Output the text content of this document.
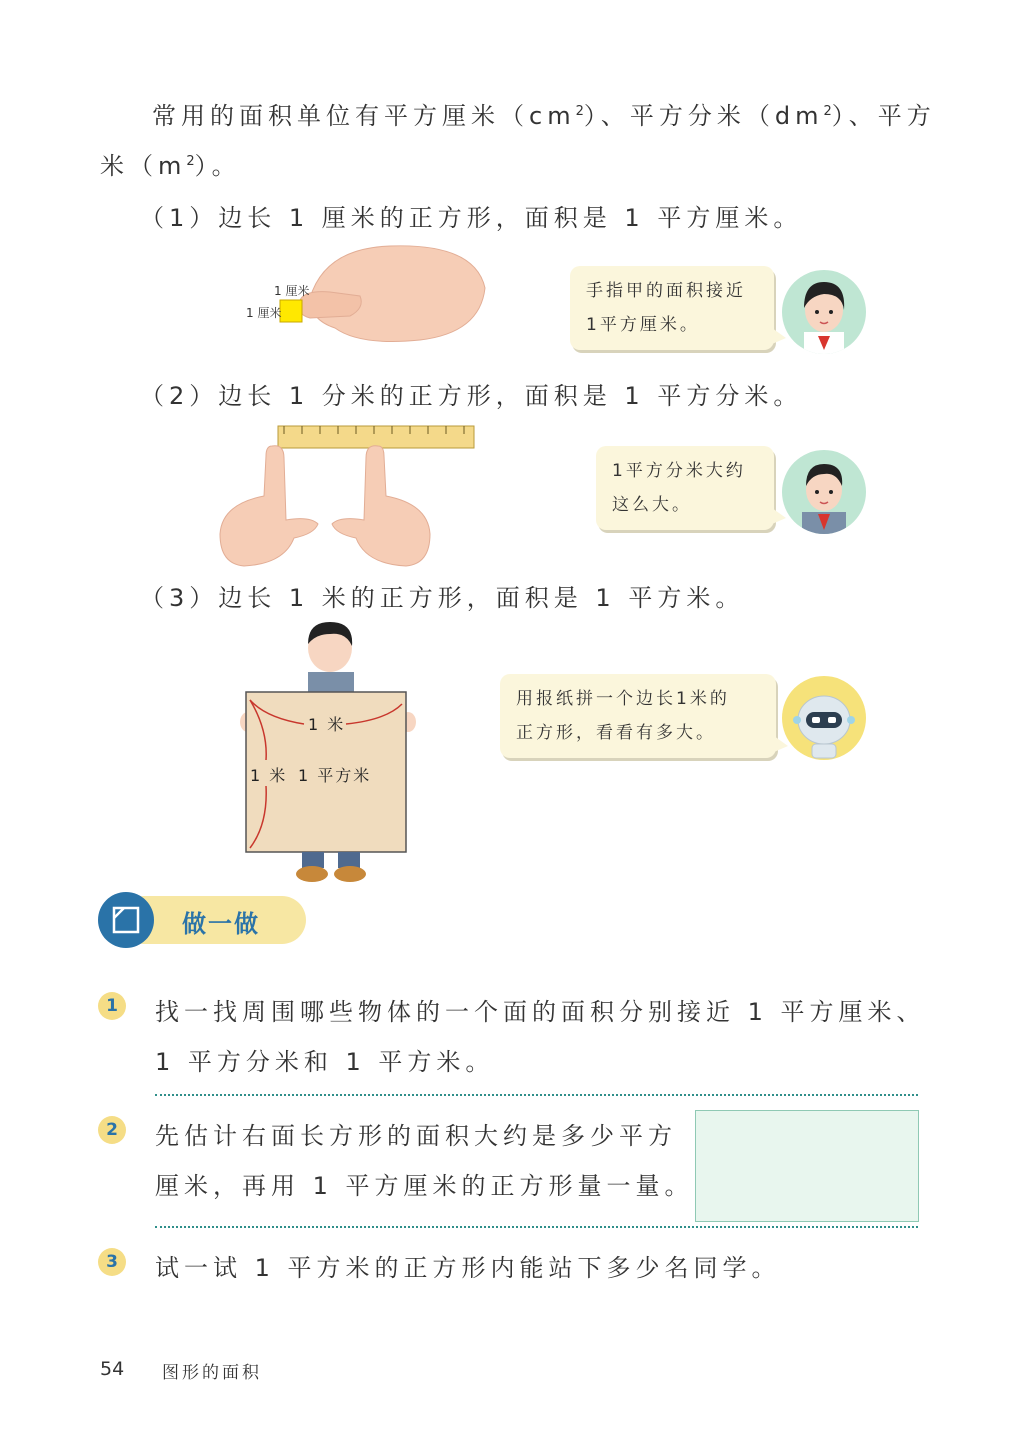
常用的面积单位有平方厘米$(cm^2)$、平方分米$(dm^2)$、平方
米$(m^2)$。
（1）边长 1 厘米的正方形，面积是 1 平方厘米。
1 厘米
1 厘米
手指甲的面积接近
1平方厘米。
（2）边长 1 分米的正方形，面积是 1 平方分米。
1平方分米大约
这么大。
（3）边长 1 米的正方形，面积是 1 平方米。
1 米
1 米 1 平方米
用报纸拼一个边长1米的
正方形，看看有多大。
做一做
1	找一找周围哪些物体的一个面的面积分别接近 1 平方厘米、
1 平方分米和 1 平方米。
2	先估计右面长方形的面积大约是多少平方
厘米，再用 1 平方厘米的正方形量一量。
3	试一试 1 平方米的正方形内能站下多少名同学。
54 图形的面积
